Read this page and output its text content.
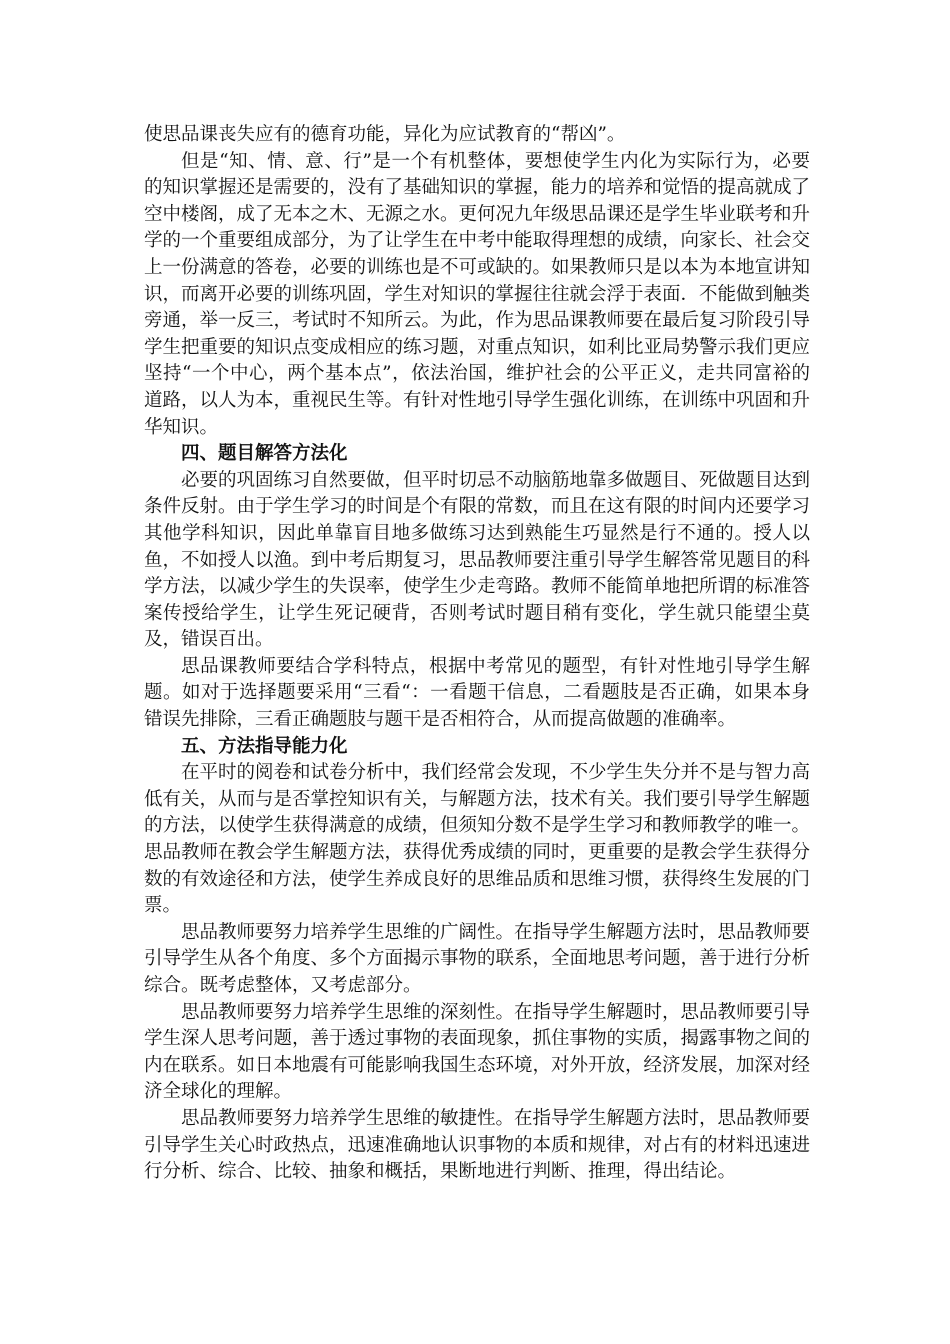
使思品课丧失应有的德育功能，异化为应试教育的“帮凶”。

但是“知、情、意、行”是一个有机整体，要想使学生内化为实际行为，必要的知识掌握还是需要的，没有了基础知识的掌握，能力的培养和觉悟的提高就成了空中楼阁，成了无本之木、无源之水。更何况九年级思品课还是学生毕业联考和升学的一个重要组成部分，为了让学生在中考中能取得理想的成绩，向家长、社会交上一份满意的答卷，必要的训练也是不可或缺的。如果教师只是以本为本地宣讲知识，而离开必要的训练巩固，学生对知识的掌握往往就会浮于表面．不能做到触类旁通，举一反三，考试时不知所云。为此，作为思品课教师要在最后复习阶段引导学生把重要的知识点变成相应的练习题，对重点知识，如利比亚局势警示我们更应坚持“一个中心，两个基本点”，依法治国，维护社会的公平正义，走共同富裕的道路，以人为本，重视民生等。有针对性地引导学生强化训练，在训练中巩固和升华知识。

四、题目解答方法化

必要的巩固练习自然要做，但平时切忌不动脑筋地靠多做题目、死做题目达到条件反射。由于学生学习的时间是个有限的常数，而且在这有限的时间内还要学习其他学科知识，因此单靠盲目地多做练习达到熟能生巧显然是行不通的。授人以鱼，不如授人以渔。到中考后期复习，思品教师要注重引导学生解答常见题目的科学方法，以减少学生的失误率，使学生少走弯路。教师不能简单地把所谓的标准答案传授给学生，让学生死记硬背，否则考试时题目稍有变化，学生就只能望尘莫及，错误百出。

思品课教师要结合学科特点，根据中考常见的题型，有针对性地引导学生解题。如对于选择题要采用“三看“：一看题干信息，二看题肢是否正确，如果本身错误先排除，三看正确题肢与题干是否相符合，从而提高做题的准确率。

五、方法指导能力化

在平时的阅卷和试卷分析中，我们经常会发现，不少学生失分并不是与智力高低有关，从而与是否掌控知识有关，与解题方法，技术有关。我们要引导学生解题的方法，以使学生获得满意的成绩，但须知分数不是学生学习和教师教学的唯一。思品教师在教会学生解题方法，获得优秀成绩的同时，更重要的是教会学生获得分数的有效途径和方法，使学生养成良好的思维品质和思维习惯，获得终生发展的门票。

思品教师要努力培养学生思维的广阔性。在指导学生解题方法时，思品教师要引导学生从各个角度、多个方面揭示事物的联系，全面地思考问题，善于进行分析综合。既考虑整体，又考虑部分。

思品教师要努力培养学生思维的深刻性。在指导学生解题时，思品教师要引导学生深人思考问题，善于透过事物的表面现象，抓住事物的实质，揭露事物之间的内在联系。如日本地震有可能影响我国生态环境，对外开放，经济发展，加深对经济全球化的理解。

思品教师要努力培养学生思维的敏捷性。在指导学生解题方法时，思品教师要引导学生关心时政热点，迅速准确地认识事物的本质和规律，对占有的材料迅速进行分析、综合、比较、抽象和概括，果断地进行判断、推理，得出结论。
